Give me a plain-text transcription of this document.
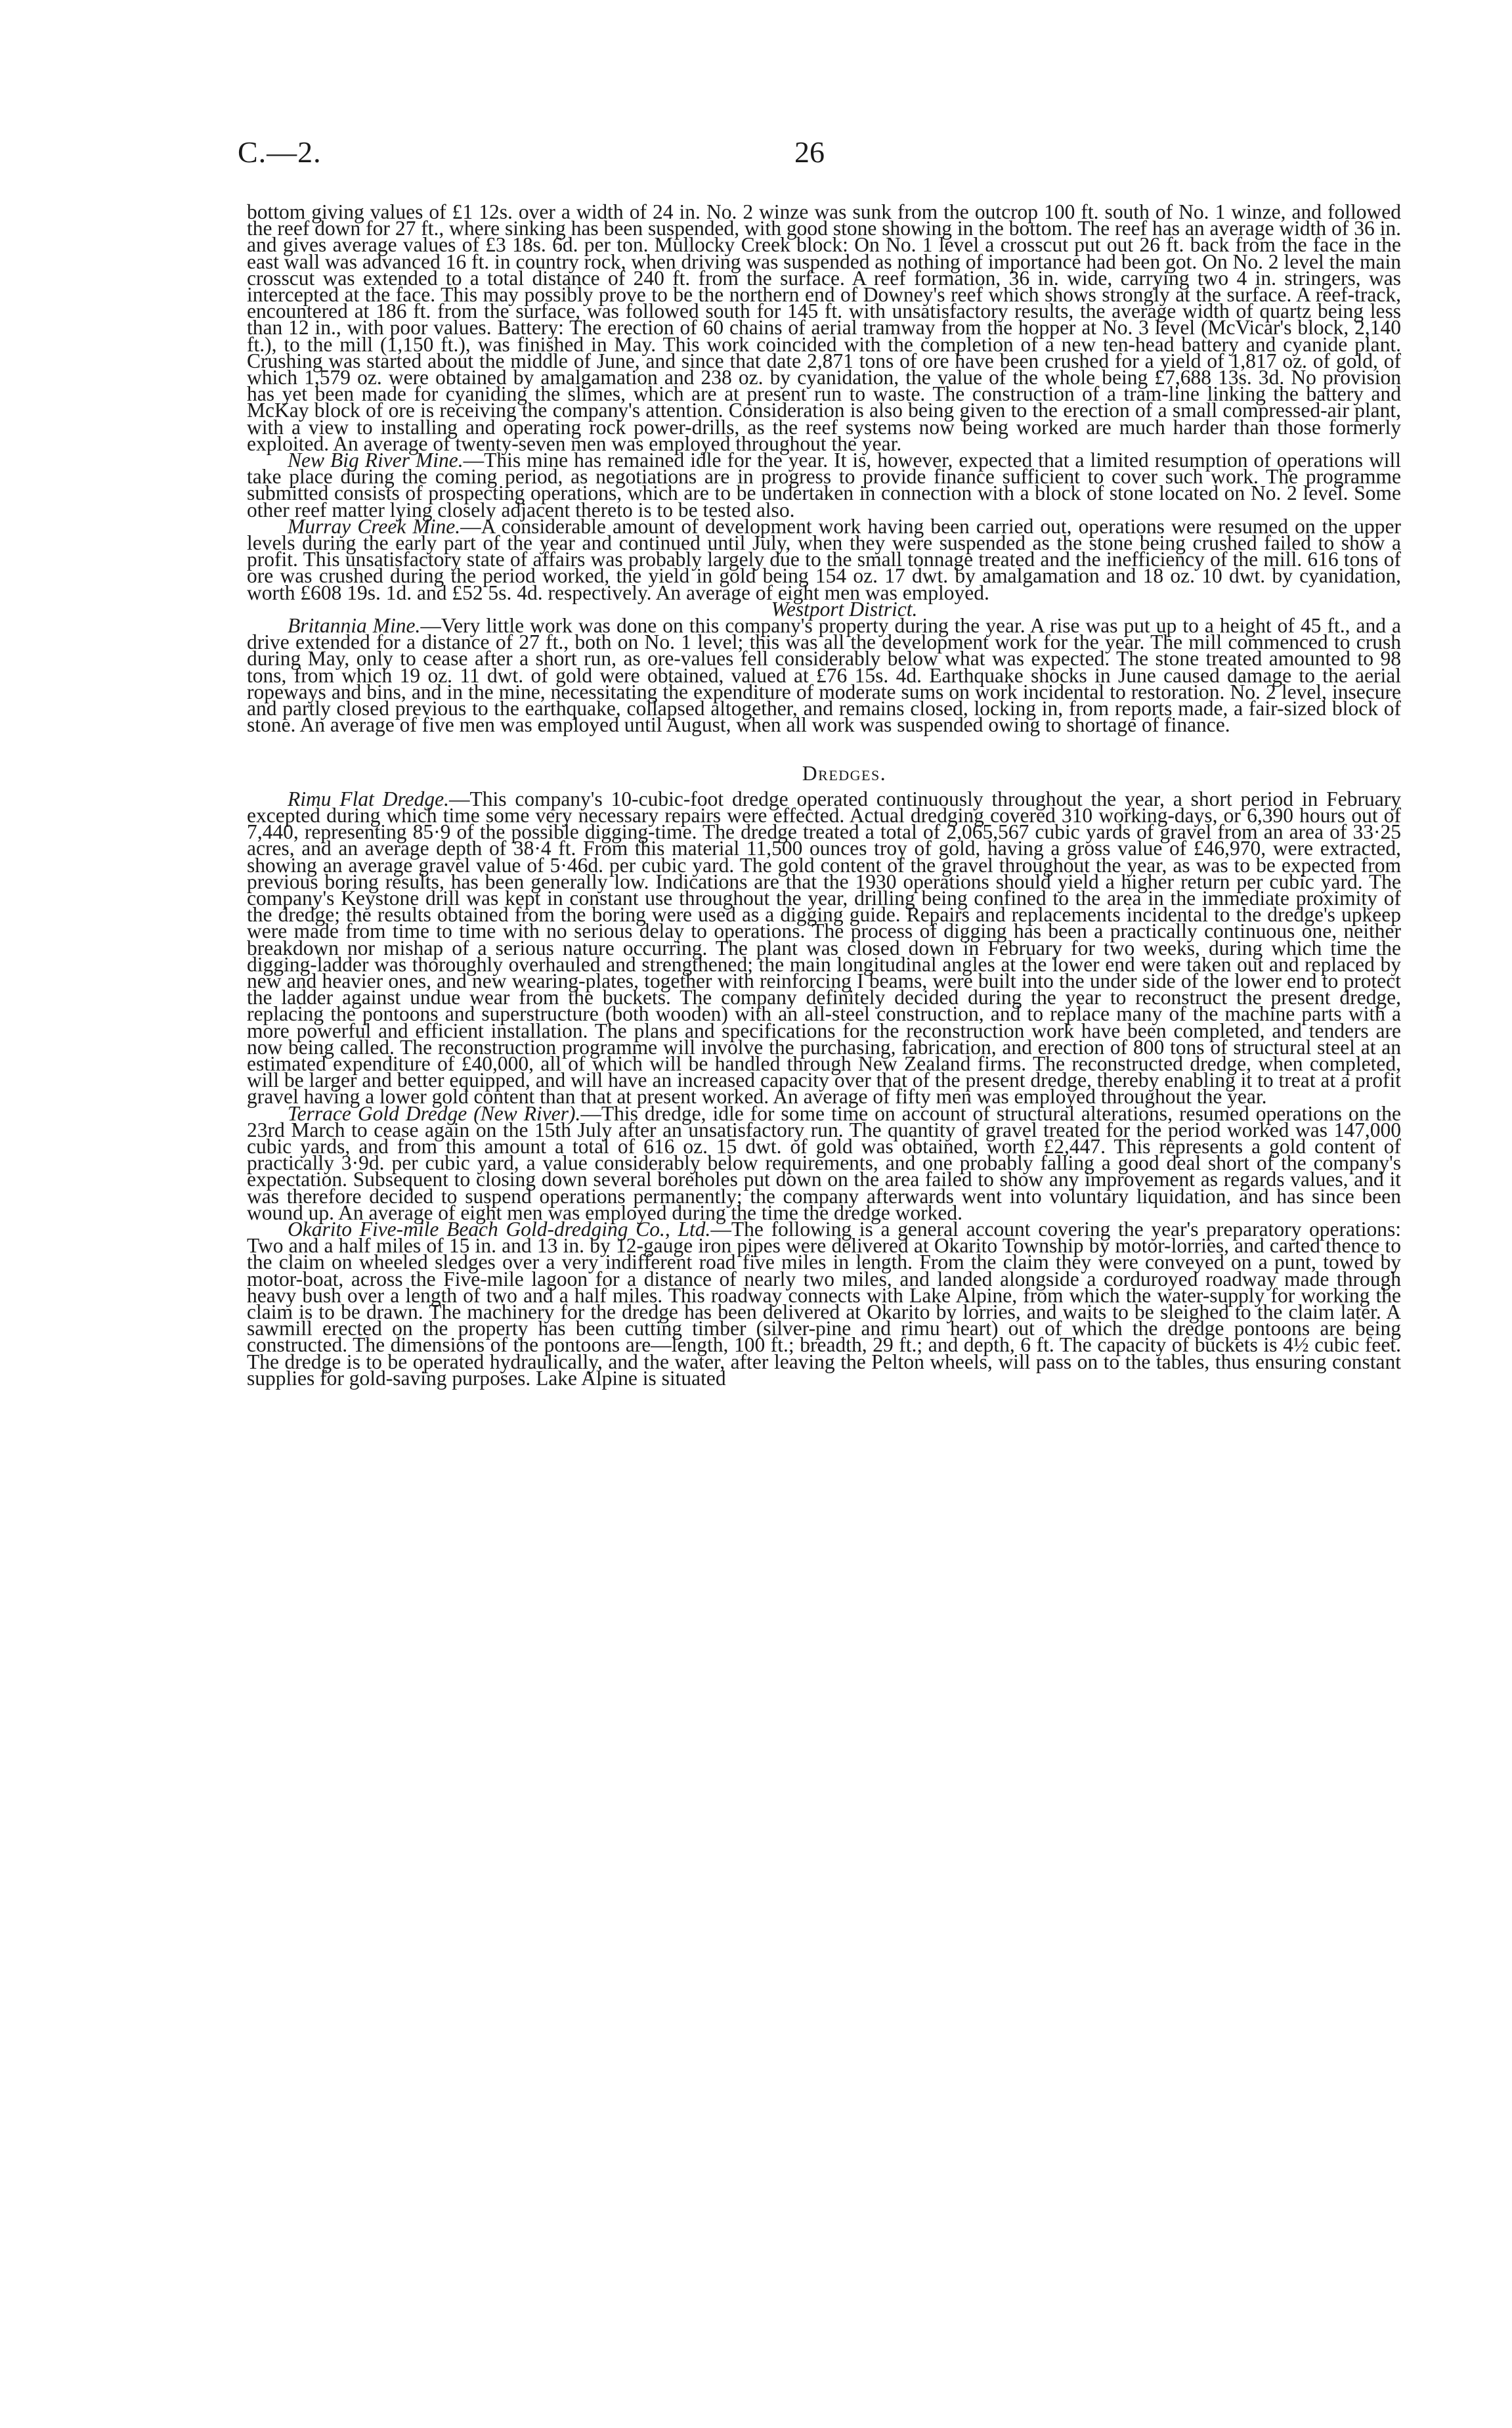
C.—2.	26

bottom giving values of £1 12s. over a width of 24 in. No. 2 winze was sunk from the outcrop 100 ft. south of No. 1 winze, and followed the reef down for 27 ft., where sinking has been suspended, with good stone showing in the bottom. The reef has an average width of 36 in. and gives average values of £3 18s. 6d. per ton. Mullocky Creek block: On No. 1 level a crosscut put out 26 ft. back from the face in the east wall was advanced 16 ft. in country rock, when driving was suspended as nothing of importance had been got. On No. 2 level the main crosscut was extended to a total distance of 240 ft. from the surface. A reef formation, 36 in. wide, carrying two 4 in. stringers, was intercepted at the face. This may possibly prove to be the northern end of Downey's reef which shows strongly at the surface. A reef-track, encountered at 186 ft. from the surface, was followed south for 145 ft. with unsatisfactory results, the average width of quartz being less than 12 in., with poor values. Battery: The erection of 60 chains of aerial tramway from the hopper at No. 3 level (McVicar's block, 2,140 ft.), to the mill (1,150 ft.), was finished in May. This work coincided with the completion of a new ten-head battery and cyanide plant. Crushing was started about the middle of June, and since that date 2,871 tons of ore have been crushed for a yield of 1,817 oz. of gold, of which 1,579 oz. were obtained by amalgamation and 238 oz. by cyanidation, the value of the whole being £7,688 13s. 3d. No provision has yet been made for cyaniding the slimes, which are at present run to waste. The construction of a tram-line linking the battery and McKay block of ore is receiving the company's attention. Consideration is also being given to the erection of a small compressed-air plant, with a view to installing and operating rock power-drills, as the reef systems now being worked are much harder than those formerly exploited. An average of twenty-seven men was employed throughout the year.

New Big River Mine.—This mine has remained idle for the year. It is, however, expected that a limited resumption of operations will take place during the coming period, as negotiations are in progress to provide finance sufficient to cover such work. The programme submitted consists of prospecting operations, which are to be undertaken in connection with a block of stone located on No. 2 level. Some other reef matter lying closely adjacent thereto is to be tested also.

Murray Creek Mine.—A considerable amount of development work having been carried out, operations were resumed on the upper levels during the early part of the year and continued until July, when they were suspended as the stone being crushed failed to show a profit. This unsatisfactory state of affairs was probably largely due to the small tonnage treated and the inefficiency of the mill. 616 tons of ore was crushed during the period worked, the yield in gold being 154 oz. 17 dwt. by amalgamation and 18 oz. 10 dwt. by cyanidation, worth £608 19s. 1d. and £52 5s. 4d. respectively. An average of eight men was employed.

Westport District.

Britannia Mine.—Very little work was done on this company's property during the year. A rise was put up to a height of 45 ft., and a drive extended for a distance of 27 ft., both on No. 1 level; this was all the development work for the year. The mill commenced to crush during May, only to cease after a short run, as ore-values fell considerably below what was expected. The stone treated amounted to 98 tons, from which 19 oz. 11 dwt. of gold were obtained, valued at £76 15s. 4d. Earthquake shocks in June caused damage to the aerial ropeways and bins, and in the mine, necessitating the expenditure of moderate sums on work incidental to restoration. No. 2 level, insecure and partly closed previous to the earthquake, collapsed altogether, and remains closed, locking in, from reports made, a fair-sized block of stone. An average of five men was employed until August, when all work was suspended owing to shortage of finance.

Dredges.

Rimu Flat Dredge.—This company's 10-cubic-foot dredge operated continuously throughout the year, a short period in February excepted during which time some very necessary repairs were effected. Actual dredging covered 310 working-days, or 6,390 hours out of 7,440, representing 85·9 of the possible digging-time. The dredge treated a total of 2,065,567 cubic yards of gravel from an area of 33·25 acres, and an average depth of 38·4 ft. From this material 11,500 ounces troy of gold, having a gross value of £46,970, were extracted, showing an average gravel value of 5·46d. per cubic yard. The gold content of the gravel throughout the year, as was to be expected from previous boring results, has been generally low. Indications are that the 1930 operations should yield a higher return per cubic yard. The company's Keystone drill was kept in constant use throughout the year, drilling being confined to the area in the immediate proximity of the dredge; the results obtained from the boring were used as a digging guide. Repairs and replacements incidental to the dredge's upkeep were made from time to time with no serious delay to operations. The process of digging has been a practically continuous one, neither breakdown nor mishap of a serious nature occurring. The plant was closed down in February for two weeks, during which time the digging-ladder was thoroughly overhauled and strengthened; the main longitudinal angles at the lower end were taken out and replaced by new and heavier ones, and new wearing-plates, together with reinforcing I beams, were built into the under side of the lower end to protect the ladder against undue wear from the buckets. The company definitely decided during the year to reconstruct the present dredge, replacing the pontoons and superstructure (both wooden) with an all-steel construction, and to replace many of the machine parts with a more powerful and efficient installation. The plans and specifications for the reconstruction work have been completed, and tenders are now being called. The reconstruction programme will involve the purchasing, fabrication, and erection of 800 tons of structural steel at an estimated expenditure of £40,000, all of which will be handled through New Zealand firms. The reconstructed dredge, when completed, will be larger and better equipped, and will have an increased capacity over that of the present dredge, thereby enabling it to treat at a profit gravel having a lower gold content than that at present worked. An average of fifty men was employed throughout the year.

Terrace Gold Dredge (New River).—This dredge, idle for some time on account of structural alterations, resumed operations on the 23rd March to cease again on the 15th July after an unsatisfactory run. The quantity of gravel treated for the period worked was 147,000 cubic yards, and from this amount a total of 616 oz. 15 dwt. of gold was obtained, worth £2,447. This represents a gold content of practically 3·9d. per cubic yard, a value considerably below requirements, and one probably falling a good deal short of the company's expectation. Subsequent to closing down several boreholes put down on the area failed to show any improvement as regards values, and it was therefore decided to suspend operations permanently; the company afterwards went into voluntary liquidation, and has since been wound up. An average of eight men was employed during the time the dredge worked.

Okarito Five-mile Beach Gold-dredging Co., Ltd.—The following is a general account covering the year's preparatory operations: Two and a half miles of 15 in. and 13 in. by 12-gauge iron pipes were delivered at Okarito Township by motor-lorries, and carted thence to the claim on wheeled sledges over a very indifferent road five miles in length. From the claim they were conveyed on a punt, towed by motor-boat, across the Five-mile lagoon for a distance of nearly two miles, and landed alongside a corduroyed roadway made through heavy bush over a length of two and a half miles. This roadway connects with Lake Alpine, from which the water-supply for working the claim is to be drawn. The machinery for the dredge has been delivered at Okarito by lorries, and waits to be sleighed to the claim later. A sawmill erected on the property has been cutting timber (silver-pine and rimu heart) out of which the dredge pontoons are being constructed. The dimensions of the pontoons are—length, 100 ft.; breadth, 29 ft.; and depth, 6 ft. The capacity of buckets is 4½ cubic feet. The dredge is to be operated hydraulically, and the water, after leaving the Pelton wheels, will pass on to the tables, thus ensuring constant supplies for gold-saving purposes. Lake Alpine is situated
